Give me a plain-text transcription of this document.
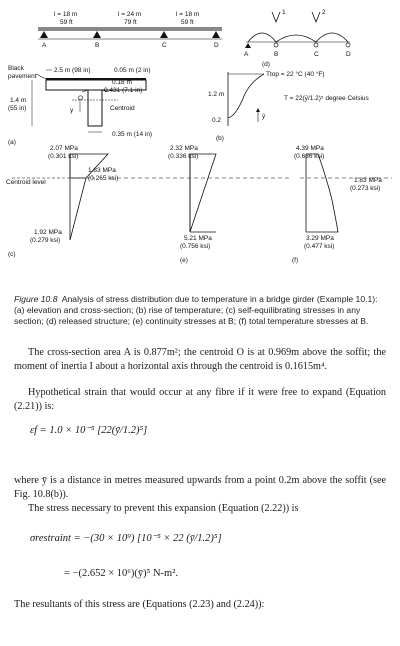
A	B	C	D
l = 18 m
59 ft
l = 24 m
79 ft
l = 18 m
59 ft
Black
pavement
2.5 m (98 in)	0.05 m (2 in)
0.18 m
0.431 (7.1 in)
1.4 m
(55 in)
O
y	Centroid
0.35 m (14 in)
(a)
1	2
A	B	C	D
(d)
Ttop = 22 °C (40 °F)
T = 22(ȳ/1.2)⁵ degree Celsius
1.2 m
0.2
ȳ
(b)
2.07 MPa
(0.301 ksi)
1.83 MPa
(0.265 ksi)
Centroid level
1.92 MPa
(0.279 ksi)
(c)
2.32 MPa
(0.336 ksi)
5.21 MPa
(0.756 ksi)
(e)
4.39 MPa
(0.636 ksi)
1.83 MPa
(0.273 ksi)
3.29 MPa
(0.477 ksi)
(f)
Figure 10.8 Analysis of stress distribution due to temperature in a bridge girder (Example 10.1): (a) elevation and cross-section; (b) rise of temperature; (c) self-equilibrating stresses in any section; (d) released structure; (e) continuity stresses at B; (f) total temperature stresses at B.
The cross-section area A is 0.877m²; the centroid O is at 0.969m above the soffit; the moment of inertia I about a horizontal axis through the centroid is 0.1615m⁴.
Hypothetical strain that would occur at any fibre if it were free to expand (Equation (2.21)) is:
εf = 1.0 × 10⁻⁵ [22(ȳ/1.2)⁵]
where ȳ is a distance in metres measured upwards from a point 0.2m above the soffit (see Fig. 10.8(b)).
The stress necessary to prevent this expansion (Equation (2.22)) is
σrestraint = −(30 × 10⁹) [10⁻⁵ × 22 (ȳ/1.2)⁵]
= −(2.652 × 10⁶)(ȳ)⁵ N-m².
The resultants of this stress are (Equations (2.23) and (2.24)):
